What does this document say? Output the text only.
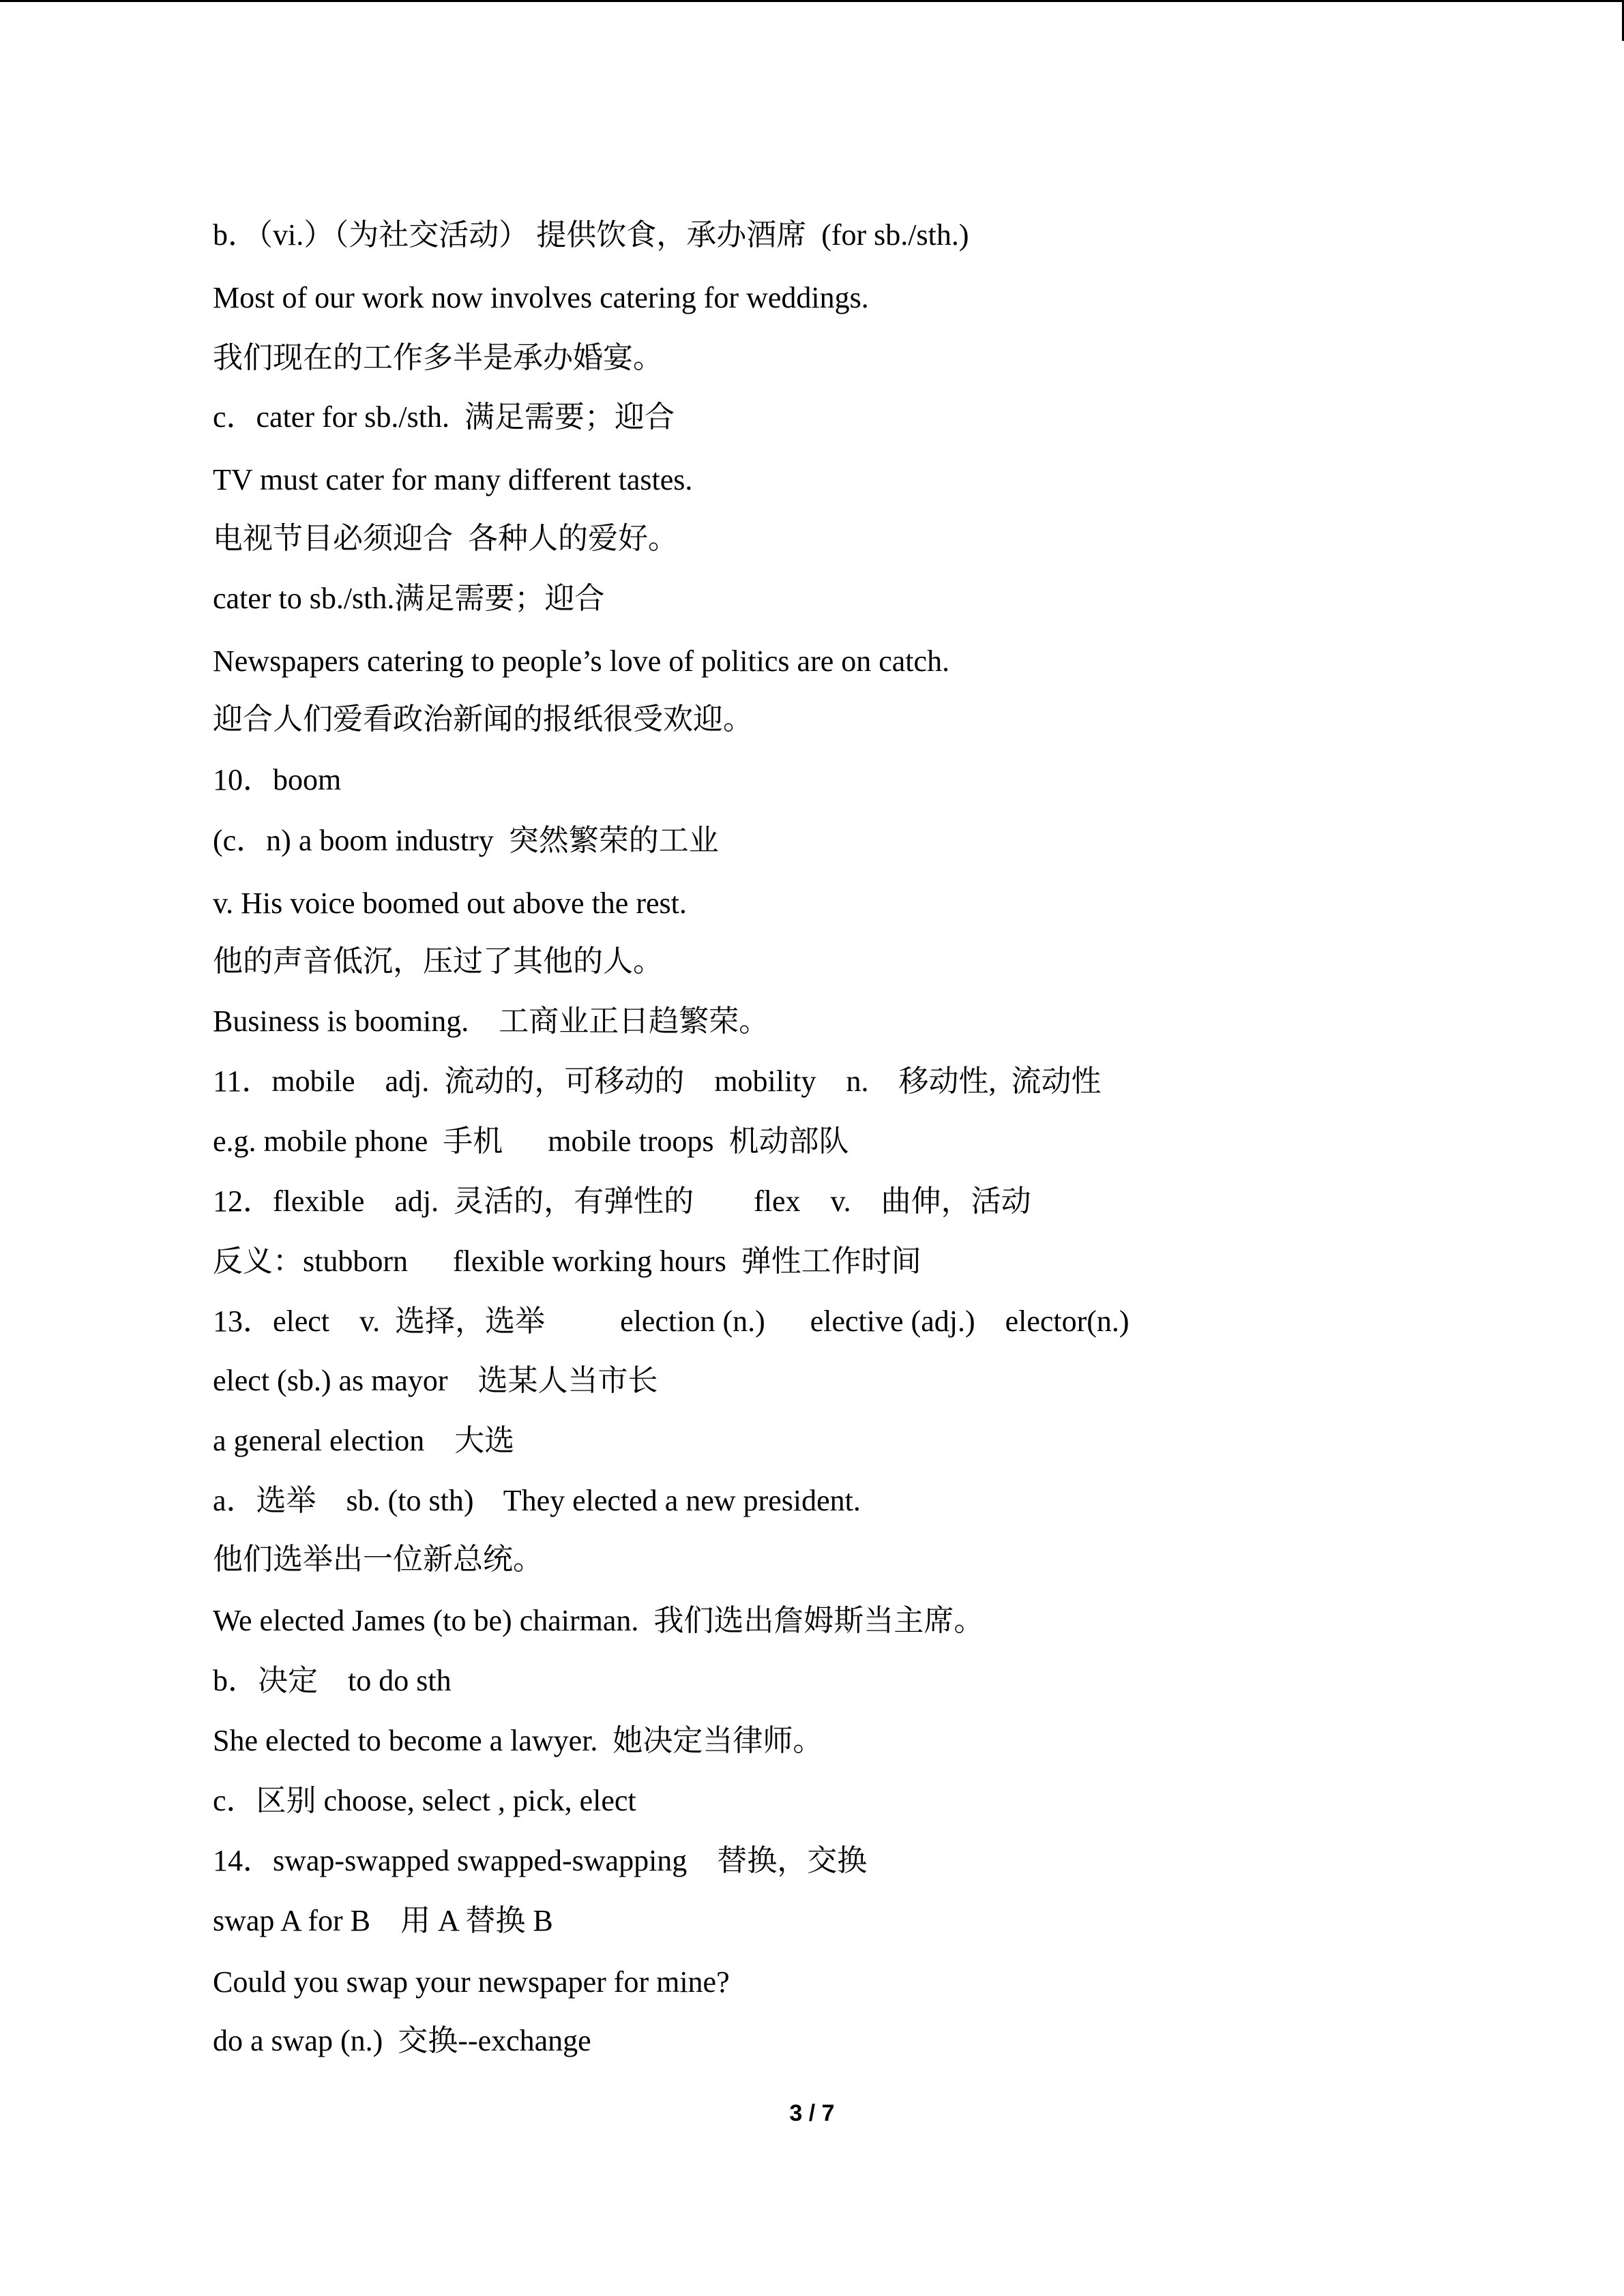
b．（vi.）（为社交活动） 提供饮食，承办酒席  (for sb./sth.)

Most of our work now involves catering for weddings.

我们现在的工作多半是承办婚宴。

c．cater for sb./sth.  满足需要；迎合

TV must cater for many different tastes.

电视节目必须迎合  各种人的爱好。

cater to sb./sth.满足需要；迎合

Newspapers catering to people’s love of politics are on catch.

迎合人们爱看政治新闻的报纸很受欢迎。

10．boom

(c．n) a boom industry  突然繁荣的工业

v. His voice boomed out above the rest.

他的声音低沉，压过了其他的人。

Business is booming.    工商业正日趋繁荣。

11．mobile    adj.  流动的，可移动的    mobility    n.    移动性,  流动性

e.g. mobile phone  手机      mobile troops  机动部队

12．flexible    adj.  灵活的，有弹性的        flex    v.    曲伸，活动

反义：stubborn      flexible working hours  弹性工作时间

13．elect    v.  选择，选举          election (n.)      elective (adj.)    elector(n.)

elect (sb.) as mayor    选某人当市长

a general election    大选

a．选举    sb. (to sth)    They elected a new president.

他们选举出一位新总统。

We elected James (to be) chairman.  我们选出詹姆斯当主席。

b．决定    to do sth

She elected to become a lawyer.  她决定当律师。

c．区别 choose, select , pick, elect

14．swap-swapped swapped-swapping    替换，交换

swap A for B    用 A 替换 B

Could you swap your newspaper for mine?

do a swap (n.)  交换--exchange

3 / 7
